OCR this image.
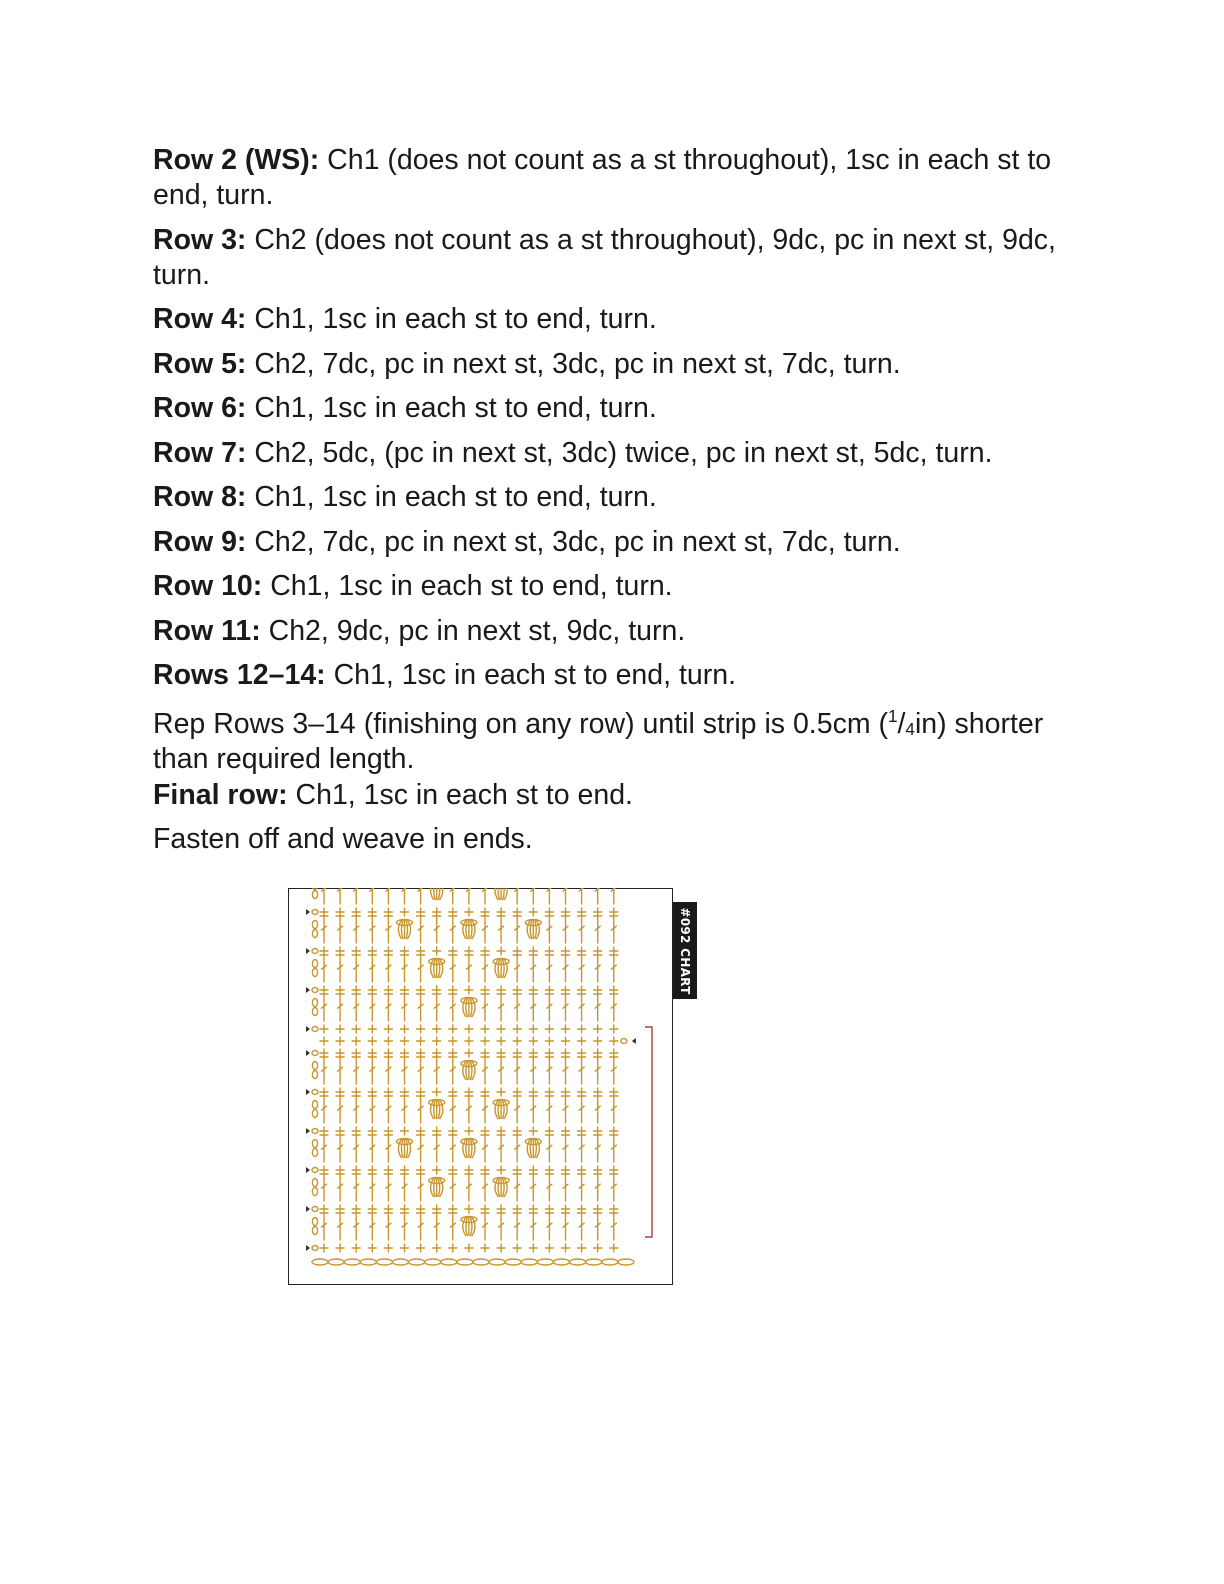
Row 2 (WS): Ch1 (does not count as a st throughout), 1sc in each st to end, turn.
Row 3: Ch2 (does not count as a st throughout), 9dc, pc in next st, 9dc, turn.
Row 4: Ch1, 1sc in each st to end, turn.
Row 5: Ch2, 7dc, pc in next st, 3dc, pc in next st, 7dc, turn.
Row 6: Ch1, 1sc in each st to end, turn.
Row 7: Ch2, 5dc, (pc in next st, 3dc) twice, pc in next st, 5dc, turn.
Row 8: Ch1, 1sc in each st to end, turn.
Row 9: Ch2, 7dc, pc in next st, 3dc, pc in next st, 7dc, turn.
Row 10: Ch1, 1sc in each st to end, turn.
Row 11: Ch2, 9dc, pc in next st, 9dc, turn.
Rows 12–14: Ch1, 1sc in each st to end, turn.
Rep Rows 3–14 (finishing on any row) until strip is 0.5cm $(^1/_4in)$ shorter than required length.
Final row: Ch1, 1sc in each st to end.
Fasten off and weave in ends.
#092 CHART
